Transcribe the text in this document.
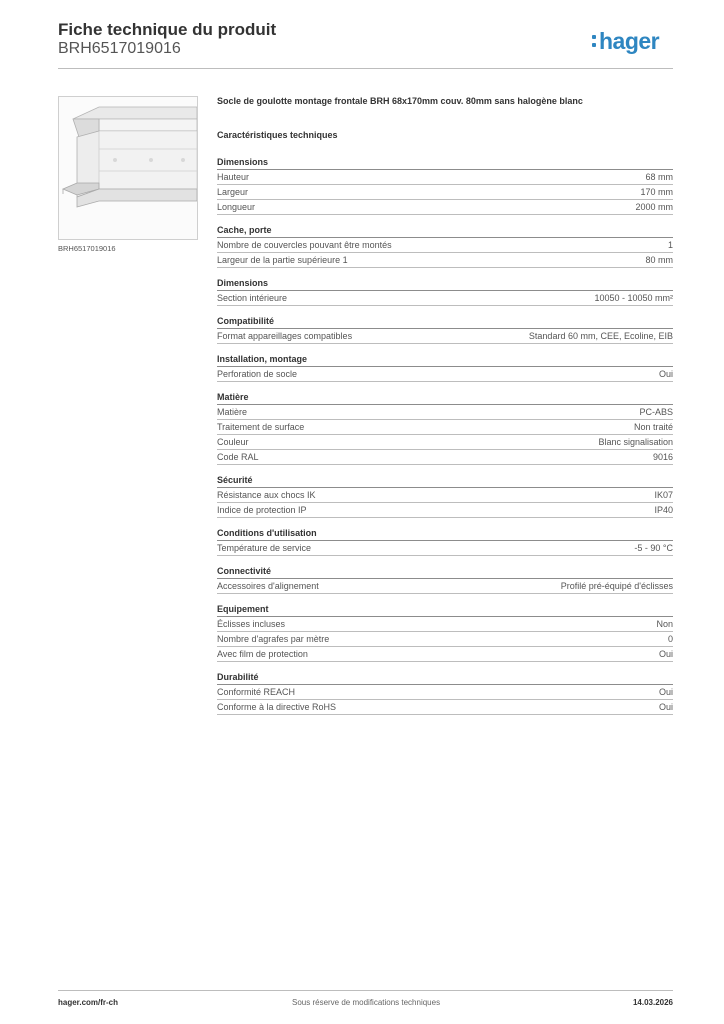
Fiche technique du produit
BRH6517019016	hager
BRH6517019016
Socle de goulotte montage frontale BRH 68x170mm couv. 80mm sans halogène blanc
Caractéristiques techniques
Dimensions
Hauteur	68 mm
Largeur	170 mm
Longueur	2000 mm
Cache, porte
Nombre de couvercles pouvant être montés	1
Largeur de la partie supérieure 1	80 mm
Dimensions
Section intérieure	10050 - 10050 mm²
Compatibilité
Format appareillages compatibles	Standard 60 mm, CEE, Ecoline, EIB
Installation, montage
Perforation de socle	Oui
Matière
Matière	PC-ABS
Traitement de surface	Non traité
Couleur	Blanc signalisation
Code RAL	9016
Sécurité
Résistance aux chocs IK	IK07
Indice de protection IP	IP40
Conditions d'utilisation
Température de service	-5 - 90 °C
Connectivité
Accessoires d'alignement	Profilé pré-équipé d'éclisses
Equipement
Éclisses incluses	Non
Nombre d'agrafes par mètre	0
Avec film de protection	Oui
Durabilité
Conformité REACH	Oui
Conforme à la directive RoHS	Oui
hager.com/fr-ch	Sous réserve de modifications techniques	14.03.2026
